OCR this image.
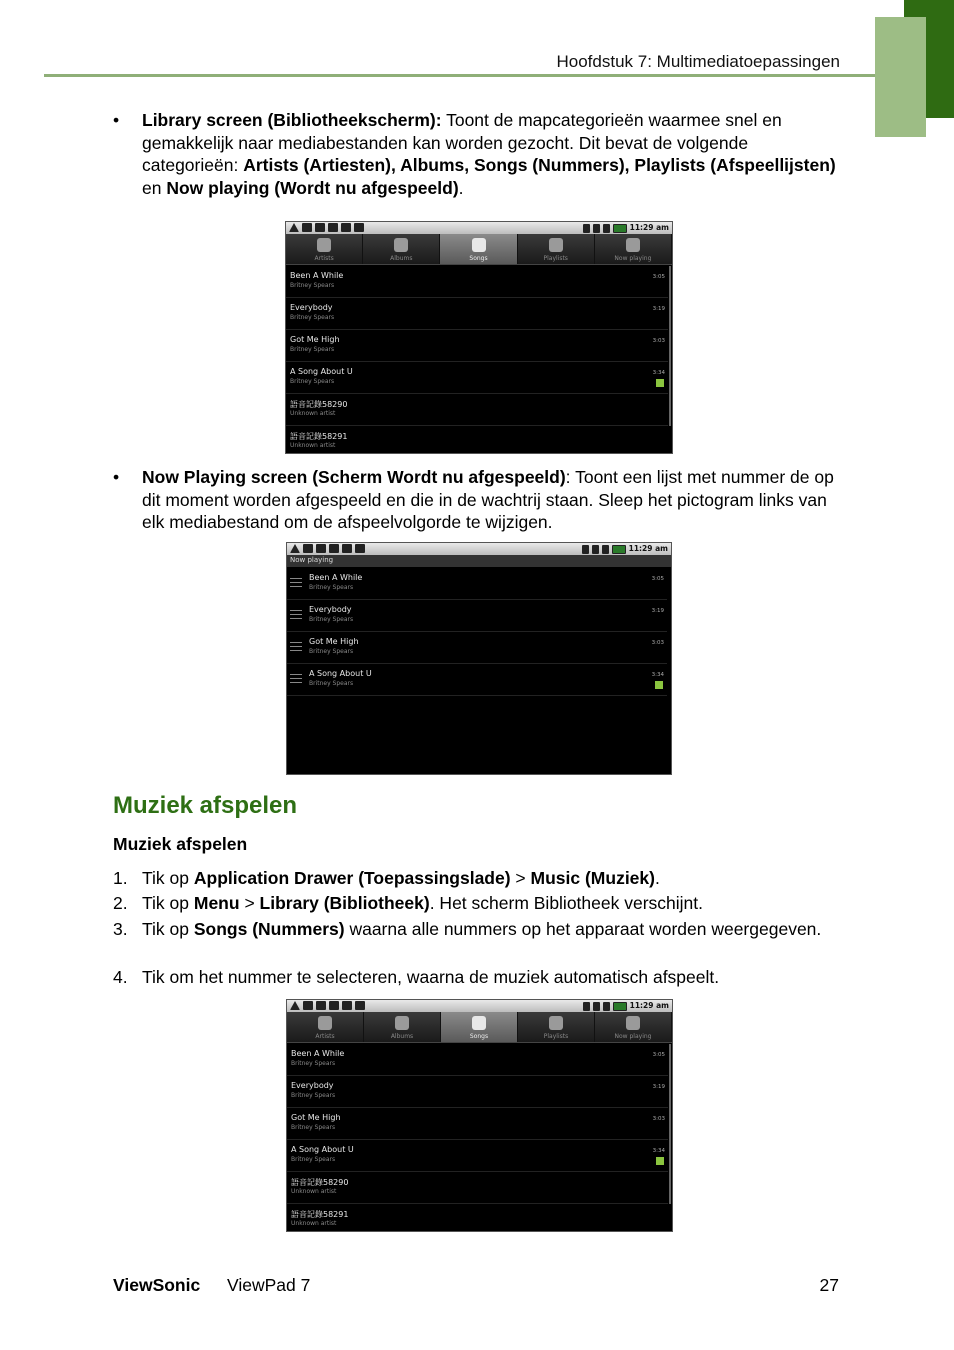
Hoofdstuk 7: Multimediatoepassingen
• Library screen (Bibliotheekscherm): Toont de mapcategorieën waarmee snel en gemakkelijk naar mediabestanden kan worden gezocht. Dit bevat de volgende categorieën: Artists (Artiesten), Albums, Songs (Nummers), Playlists (Afspeellijsten) en Now playing (Wordt nu afgespeeld).
11:29 am
Artists	Albums	Songs	Playlists	Now playing
Been A While
Britney Spears
3:05
Everybody
Britney Spears
3:19
Got Me High
Britney Spears
3:03
A Song About U
Britney Spears
3:34
語音記錄58290
Unknown artist
語音記錄58291
Unknown artist
• Now Playing screen (Scherm Wordt nu afgespeeld): Toont een lijst met nummer de op dit moment worden afgespeeld en die in de wachtrij staan. Sleep het pictogram links van elk mediabestand om de afspeelvolgorde te wijzigen.
11:29 am
Now playing
Been A While
Britney Spears
3:05
Everybody
Britney Spears
3:19
Got Me High
Britney Spears
3:03
A Song About U
Britney Spears
3:34
Muziek afspelen
Muziek afspelen
1. Tik op Application Drawer (Toepassingslade) > Music (Muziek).
2. Tik op Menu > Library (Bibliotheek). Het scherm Bibliotheek verschijnt.
3. Tik op Songs (Nummers) waarna alle nummers op het apparaat worden weergegeven.
4. Tik om het nummer te selecteren, waarna de muziek automatisch afspeelt.
11:29 am
Artists	Albums	Songs	Playlists	Now playing
Been A While
Britney Spears
3:05
Everybody
Britney Spears
3:19
Got Me High
Britney Spears
3:03
A Song About U
Britney Spears
3:34
語音記錄58290
Unknown artist
語音記錄58291
Unknown artist
ViewSonic ViewPad 7	27
